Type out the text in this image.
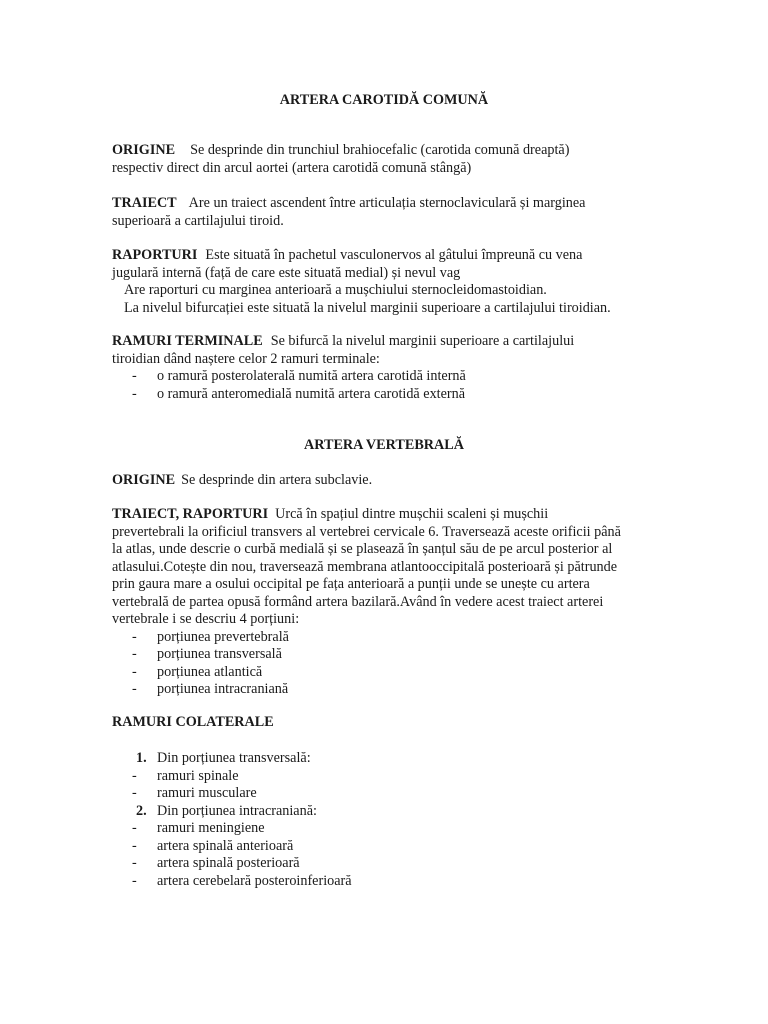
ARTERA CAROTIDĂ COMUNĂ
ORIGINE Se desprinde din trunchiul brahiocefalic (carotida comună dreaptă)
respectiv direct din arcul aortei (artera carotidă comună stângă)
TRAIECT Are un traiect ascendent între articulația sternoclaviculară și marginea
superioară a cartilajului tiroid.
RAPORTURI Este situată în pachetul vasculonervos al gâtului împreună cu vena
jugulară internă (față de care este situată medial) și nevul vag
Are raporturi cu marginea anterioară a mușchiului sternocleidomastoidian.
La nivelul bifurcației este situată la nivelul marginii superioare a cartilajului tiroidian.
RAMURI TERMINALE Se bifurcă la nivelul marginii superioare a cartilajului
tiroidian dând naștere celor 2 ramuri terminale:
- o ramură posterolaterală numită artera carotidă internă
- o ramură anteromedială numită artera carotidă externă
ARTERA VERTEBRALĂ
ORIGINE Se desprinde din artera subclavie.
TRAIECT, RAPORTURI Urcă în spațiul dintre mușchii scaleni și mușchii
prevertebrali la orificiul transvers al vertebrei cervicale 6. Traversează aceste orificii până
la atlas, unde descrie o curbă medială și se plasează în șanțul său de pe arcul posterior al
atlasului.Cotește din nou, traversează membrana atlantooccipitală posterioară și pătrunde
prin gaura mare a osului occipital pe fața anterioară a punții unde se unește cu artera
vertebrală de partea opusă formând artera bazilară.Având în vedere acest traiect arterei
vertebrale i se descriu 4 porțiuni:
- porțiunea prevertebrală
- porțiunea transversală
- porțiunea atlantică
- porțiunea intracraniană
RAMURI COLATERALE
1. Din porțiunea transversală:
- ramuri spinale
- ramuri musculare
2. Din porțiunea intracraniană:
- ramuri meningiene
- artera spinală anterioară
- artera spinală posterioară
- artera cerebelară posteroinferioară
